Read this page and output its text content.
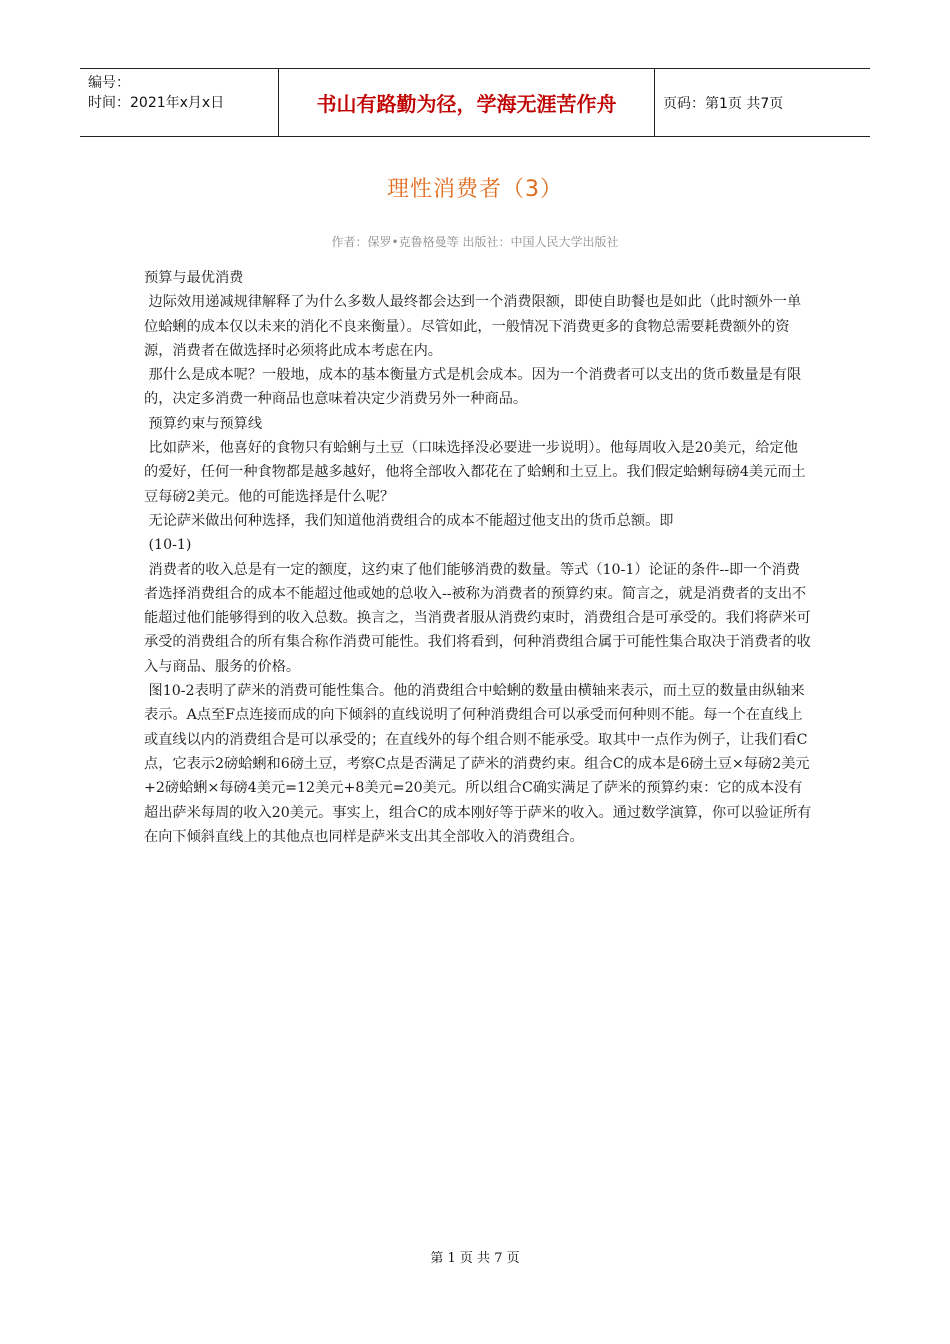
编号：
时间：2021年x月x日	书山有路勤为径，学海无涯苦作舟	页码：第1页 共7页
理性消费者（3）
作者：保罗•克鲁格曼等 出版社：中国人民大学出版社

预算与最优消费

边际效用递减规律解释了为什么多数人最终都会达到一个消费限额，即使自助餐也是如此（此时额外一单位蛤蜊的成本仅以未来的消化不良来衡量）。尽管如此，一般情况下消费更多的食物总需要耗费额外的资源，消费者在做选择时必须将此成本考虑在内。

那什么是成本呢？一般地，成本的基本衡量方式是机会成本。因为一个消费者可以支出的货币数量是有限的，决定多消费一种商品也意味着决定少消费另外一种商品。

预算约束与预算线

比如萨米，他喜好的食物只有蛤蜊与土豆（口味选择没必要进一步说明）。他每周收入是20美元，给定他的爱好，任何一种食物都是越多越好，他将全部收入都花在了蛤蜊和土豆上。我们假定蛤蜊每磅4美元而土豆每磅2美元。他的可能选择是什么呢？

无论萨米做出何种选择，我们知道他消费组合的成本不能超过他支出的货币总额。即

(10-1)

消费者的收入总是有一定的额度，这约束了他们能够消费的数量。等式（10-1）论证的条件--即一个消费者选择消费组合的成本不能超过他或她的总收入--被称为消费者的预算约束。简言之，就是消费者的支出不能超过他们能够得到的收入总数。换言之，当消费者服从消费约束时，消费组合是可承受的。我们将萨米可承受的消费组合的所有集合称作消费可能性。我们将看到，何种消费组合属于可能性集合取决于消费者的收入与商品、服务的价格。

图10-2表明了萨米的消费可能性集合。他的消费组合中蛤蜊的数量由横轴来表示，而土豆的数量由纵轴来表示。A点至F点连接而成的向下倾斜的直线说明了何种消费组合可以承受而何种则不能。每一个在直线上或直线以内的消费组合是可以承受的；在直线外的每个组合则不能承受。取其中一点作为例子，让我们看C点，它表示2磅蛤蜊和6磅土豆，考察C点是否满足了萨米的消费约束。组合C的成本是6磅土豆×每磅2美元+2磅蛤蜊×每磅4美元=12美元+8美元=20美元。所以组合C确实满足了萨米的预算约束：它的成本没有超出萨米每周的收入20美元。事实上，组合C的成本刚好等于萨米的收入。通过数学演算，你可以验证所有在向下倾斜直线上的其他点也同样是萨米支出其全部收入的消费组合。

第 1 页 共 7 页
